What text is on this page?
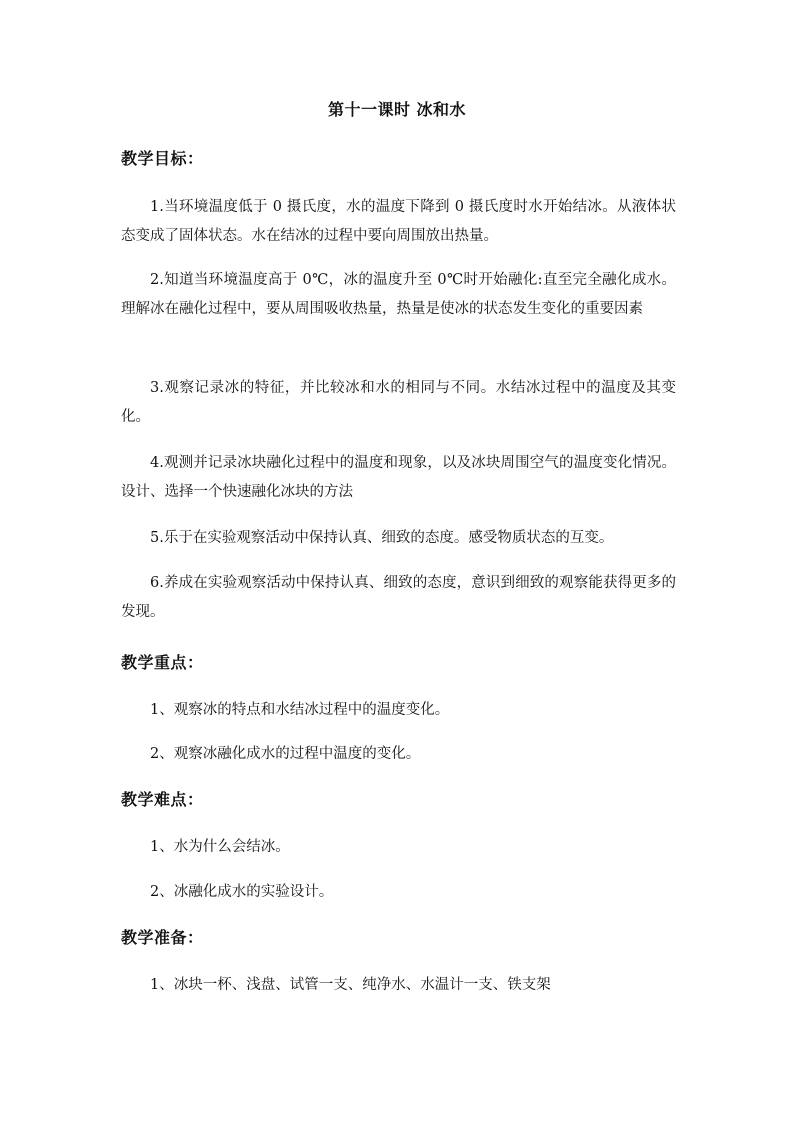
第十一课时 冰和水
教学目标：
1.当环境温度低于 0 摄氏度，水的温度下降到 0 摄氏度时水开始结冰。从液体状态变成了固体状态。水在结冰的过程中要向周围放出热量。
2.知道当环境温度高于 0℃，冰的温度升至 0℃时开始融化:直至完全融化成水。理解冰在融化过程中，要从周围吸收热量，热量是使冰的状态发生变化的重要因素
3.观察记录冰的特征，并比较冰和水的相同与不同。水结冰过程中的温度及其变化。
4.观测并记录冰块融化过程中的温度和现象，以及冰块周围空气的温度变化情况。设计、选择一个快速融化冰块的方法
5.乐于在实验观察活动中保持认真、细致的态度。感受物质状态的互变。
6.养成在实验观察活动中保持认真、细致的态度，意识到细致的观察能获得更多的发现。
教学重点：
1、观察冰的特点和水结冰过程中的温度变化。
2、观察冰融化成水的过程中温度的变化。
教学难点：
1、水为什么会结冰。
2、冰融化成水的实验设计。
教学准备：
1、冰块一杯、浅盘、试管一支、纯净水、水温计一支、铁支架
